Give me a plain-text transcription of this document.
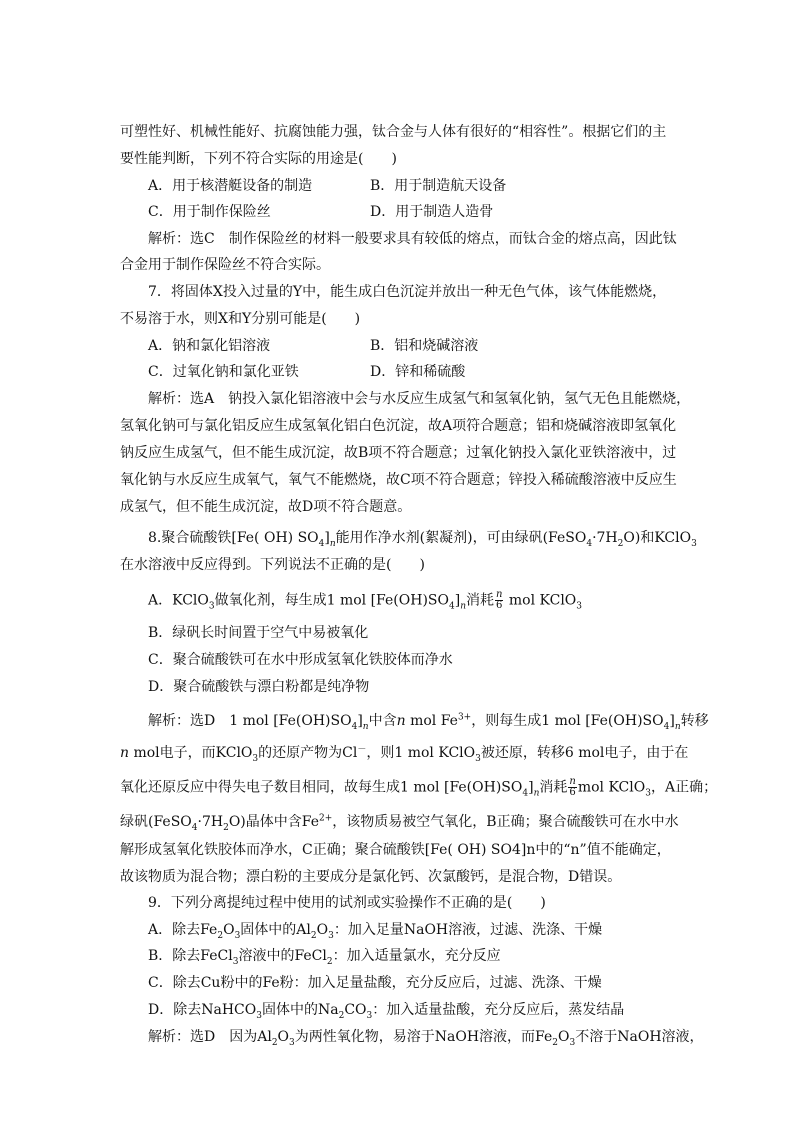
可塑性好、机械性能好、抗腐蚀能力强，钛合金与人体有很好的“相容性”。根据它们的主
要性能判断，下列不符合实际的用途是(　　)
A．用于核潜艇设备的制造	B．用于制造航天设备
C．用于制作保险丝	D．用于制造人造骨
解析：选C　制作保险丝的材料一般要求具有较低的熔点，而钛合金的熔点高，因此钛
合金用于制作保险丝不符合实际。
7．将固体X投入过量的Y中，能生成白色沉淀并放出一种无色气体，该气体能燃烧，
不易溶于水，则X和Y分别可能是(　　)
A．钠和氯化铝溶液	B．铝和烧碱溶液
C．过氧化钠和氯化亚铁	D．锌和稀硫酸
解析：选A　钠投入氯化铝溶液中会与水反应生成氢气和氢氧化钠，氢气无色且能燃烧，
氢氧化钠可与氯化铝反应生成氢氧化铝白色沉淀，故A项符合题意；铝和烧碱溶液即氢氧化
钠反应生成氢气，但不能生成沉淀，故B项不符合题意；过氧化钠投入氯化亚铁溶液中，过
氧化钠与水反应生成氧气，氧气不能燃烧，故C项不符合题意；锌投入稀硫酸溶液中反应生
成氢气，但不能生成沉淀，故D项不符合题意。
8.聚合硫酸铁[Fe( OH) $SO_4]_n$能用作净水剂(絮凝剂)，可由绿矾$(FeSO_4\cdot 7H_2O)$和KClO$_3$
在水溶液中反应得到。下列说法不正确的是(　　)
A．KClO$_3$做氧化剂，每生成1 mol $[Fe(OH)SO_4]_n$消耗 $\frac{n}{6}$ mol KClO$_3$
B．绿矾长时间置于空气中易被氧化
C．聚合硫酸铁可在水中形成氢氧化铁胶体而净水
D．聚合硫酸铁与漂白粉都是纯净物
解析：选D　1 mol $[Fe(OH)SO_4]_n$中含n mol $Fe^{3+}$，则每生成1 mol $[Fe(OH)SO_4]_n$转移
n mol电子，而KClO$_3$的还原产物为Cl－，则1 mol KClO$_3$被还原，转移6 mol电子，由于在
氧化还原反应中得失电子数目相同，故每生成1 mol $[Fe(OH)SO_4]_n$消耗 $\frac{n}{6}$ mol KClO$_3$，A正确；
绿矾$(FeSO_4\cdot 7H_2O)$晶体中含$Fe^{2+}$，该物质易被空气氧化，B正确；聚合硫酸铁可在水中水
解形成氢氧化铁胶体而净水，C正确；聚合硫酸铁[Fe( OH) SO4]n中的“n”值不能确定，
故该物质为混合物；漂白粉的主要成分是氯化钙、次氯酸钙，是混合物，D错误。
9．下列分离提纯过程中使用的试剂或实验操作不正确的是(　　)
A．除去$Fe_2O_3$固体中的$Al_2O_3$：加入足量NaOH溶液，过滤、洗涤、干燥
B．除去FeCl$_3$溶液中的FeCl$_2$：加入适量氯水，充分反应
C．除去Cu粉中的Fe粉：加入足量盐酸，充分反应后，过滤、洗涤、干燥
D．除去NaHCO$_3$固体中的$Na_2CO_3$：加入适量盐酸，充分反应后，蒸发结晶
解析：选D　因为$Al_2O_3$为两性氧化物，易溶于NaOH溶液，而$Fe_2O_3$不溶于NaOH溶液，
